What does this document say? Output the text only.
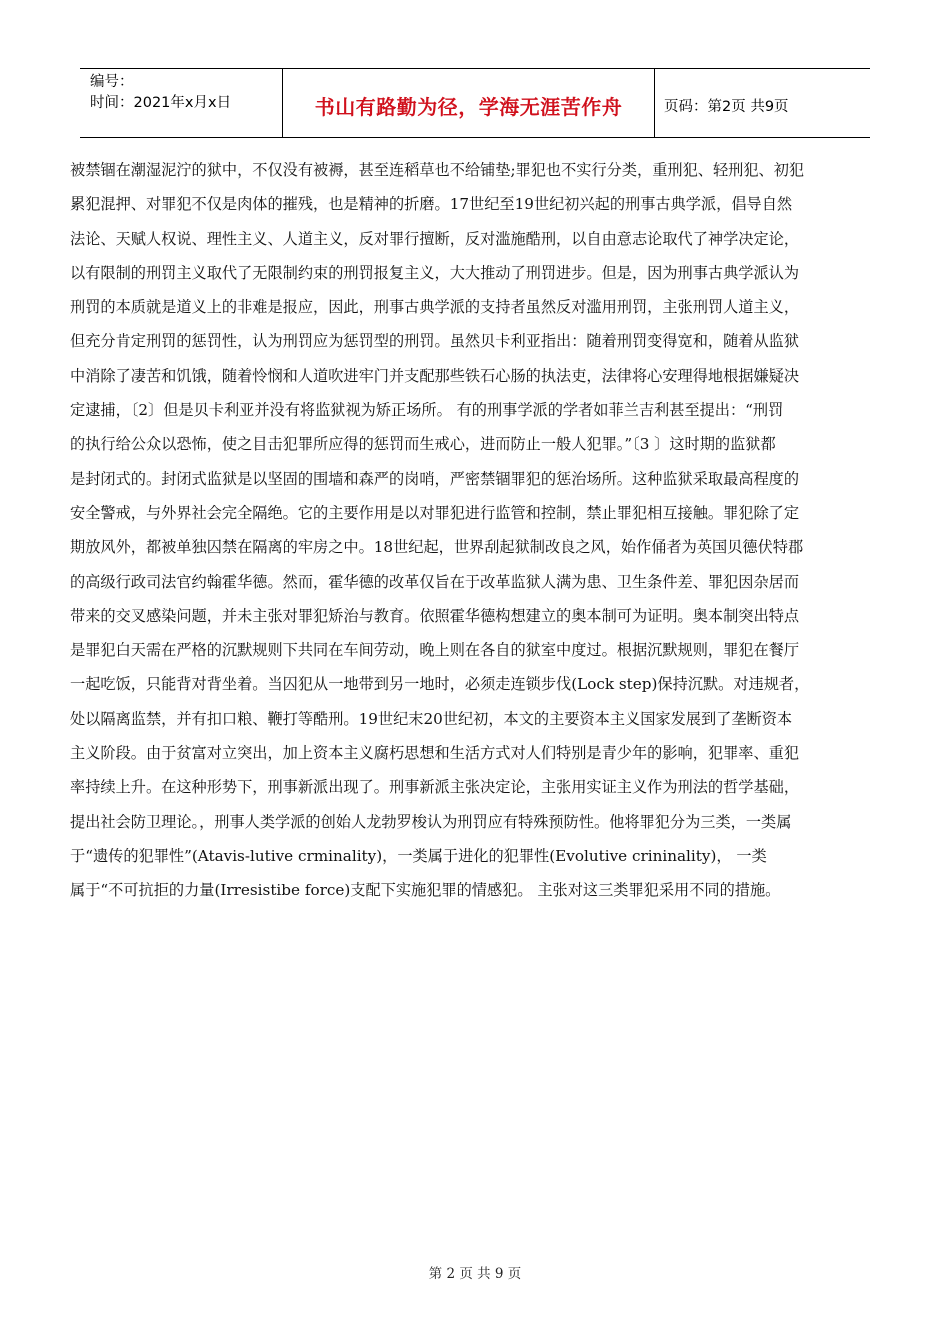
编号：
时间：2021年x月x日	书山有路勤为径，学海无涯苦作舟	页码：第2页 共9页
被禁锢在潮湿泥泞的狱中，不仅没有被褥，甚至连稻草也不给铺垫;罪犯也不实行分类，重刑犯、轻刑犯、初犯
累犯混押、对罪犯不仅是肉体的摧残，也是精神的折磨。17世纪至19世纪初兴起的刑事古典学派，倡导自然
法论、天赋人权说、理性主义、人道主义，反对罪行擅断，反对滥施酷刑，以自由意志论取代了神学决定论，
以有限制的刑罚主义取代了无限制约束的刑罚报复主义，大大推动了刑罚进步。但是，因为刑事古典学派认为
刑罚的本质就是道义上的非难是报应，因此，刑事古典学派的支持者虽然反对滥用刑罚，主张刑罚人道主义，
但充分肯定刑罚的惩罚性，认为刑罚应为惩罚型的刑罚。虽然贝卡利亚指出：随着刑罚变得宽和，随着从监狱
中消除了凄苦和饥饿，随着怜悯和人道吹进牢门并支配那些铁石心肠的执法吏，法律将心安理得地根据嫌疑决
定逮捕，〔2〕但是贝卡利亚并没有将监狱视为矫正场所。 有的刑事学派的学者如菲兰吉利甚至提出：“刑罚
的执行给公众以恐怖，使之目击犯罪所应得的惩罚而生戒心，进而防止一般人犯罪。”〔3 〕这时期的监狱都
是封闭式的。封闭式监狱是以坚固的围墙和森严的岗哨，严密禁锢罪犯的惩治场所。这种监狱采取最高程度的
安全警戒，与外界社会完全隔绝。它的主要作用是以对罪犯进行监管和控制，禁止罪犯相互接触。罪犯除了定
期放风外，都被单独囚禁在隔离的牢房之中。18世纪起，世界刮起狱制改良之风，始作俑者为英国贝德伏特郡
的高级行政司法官约翰霍华德。然而，霍华德的改革仅旨在于改革监狱人满为患、卫生条件差、罪犯因杂居而
带来的交叉感染问题，并未主张对罪犯矫治与教育。依照霍华德构想建立的奥本制可为证明。奥本制突出特点
是罪犯白天需在严格的沉默规则下共同在车间劳动，晚上则在各自的狱室中度过。根据沉默规则，罪犯在餐厅
一起吃饭，只能背对背坐着。当囚犯从一地带到另一地时，必须走连锁步伐(Lock step)保持沉默。对违规者，
处以隔离监禁，并有扣口粮、鞭打等酷刑。19世纪末20世纪初，本文的主要资本主义国家发展到了垄断资本
主义阶段。由于贫富对立突出，加上资本主义腐朽思想和生活方式对人们特别是青少年的影响，犯罪率、重犯
率持续上升。在这种形势下，刑事新派出现了。刑事新派主张决定论，主张用实证主义作为刑法的哲学基础，
提出社会防卫理论。，刑事人类学派的创始人龙勃罗梭认为刑罚应有特殊预防性。他将罪犯分为三类，一类属
于“遗传的犯罪性”(Atavis-lutive crminality)，一类属于进化的犯罪性(Evolutive crininality)， 一类
属于“不可抗拒的力量(Irresistibe force)支配下实施犯罪的情感犯。 主张对这三类罪犯采用不同的措施。
第 2 页 共 9 页
